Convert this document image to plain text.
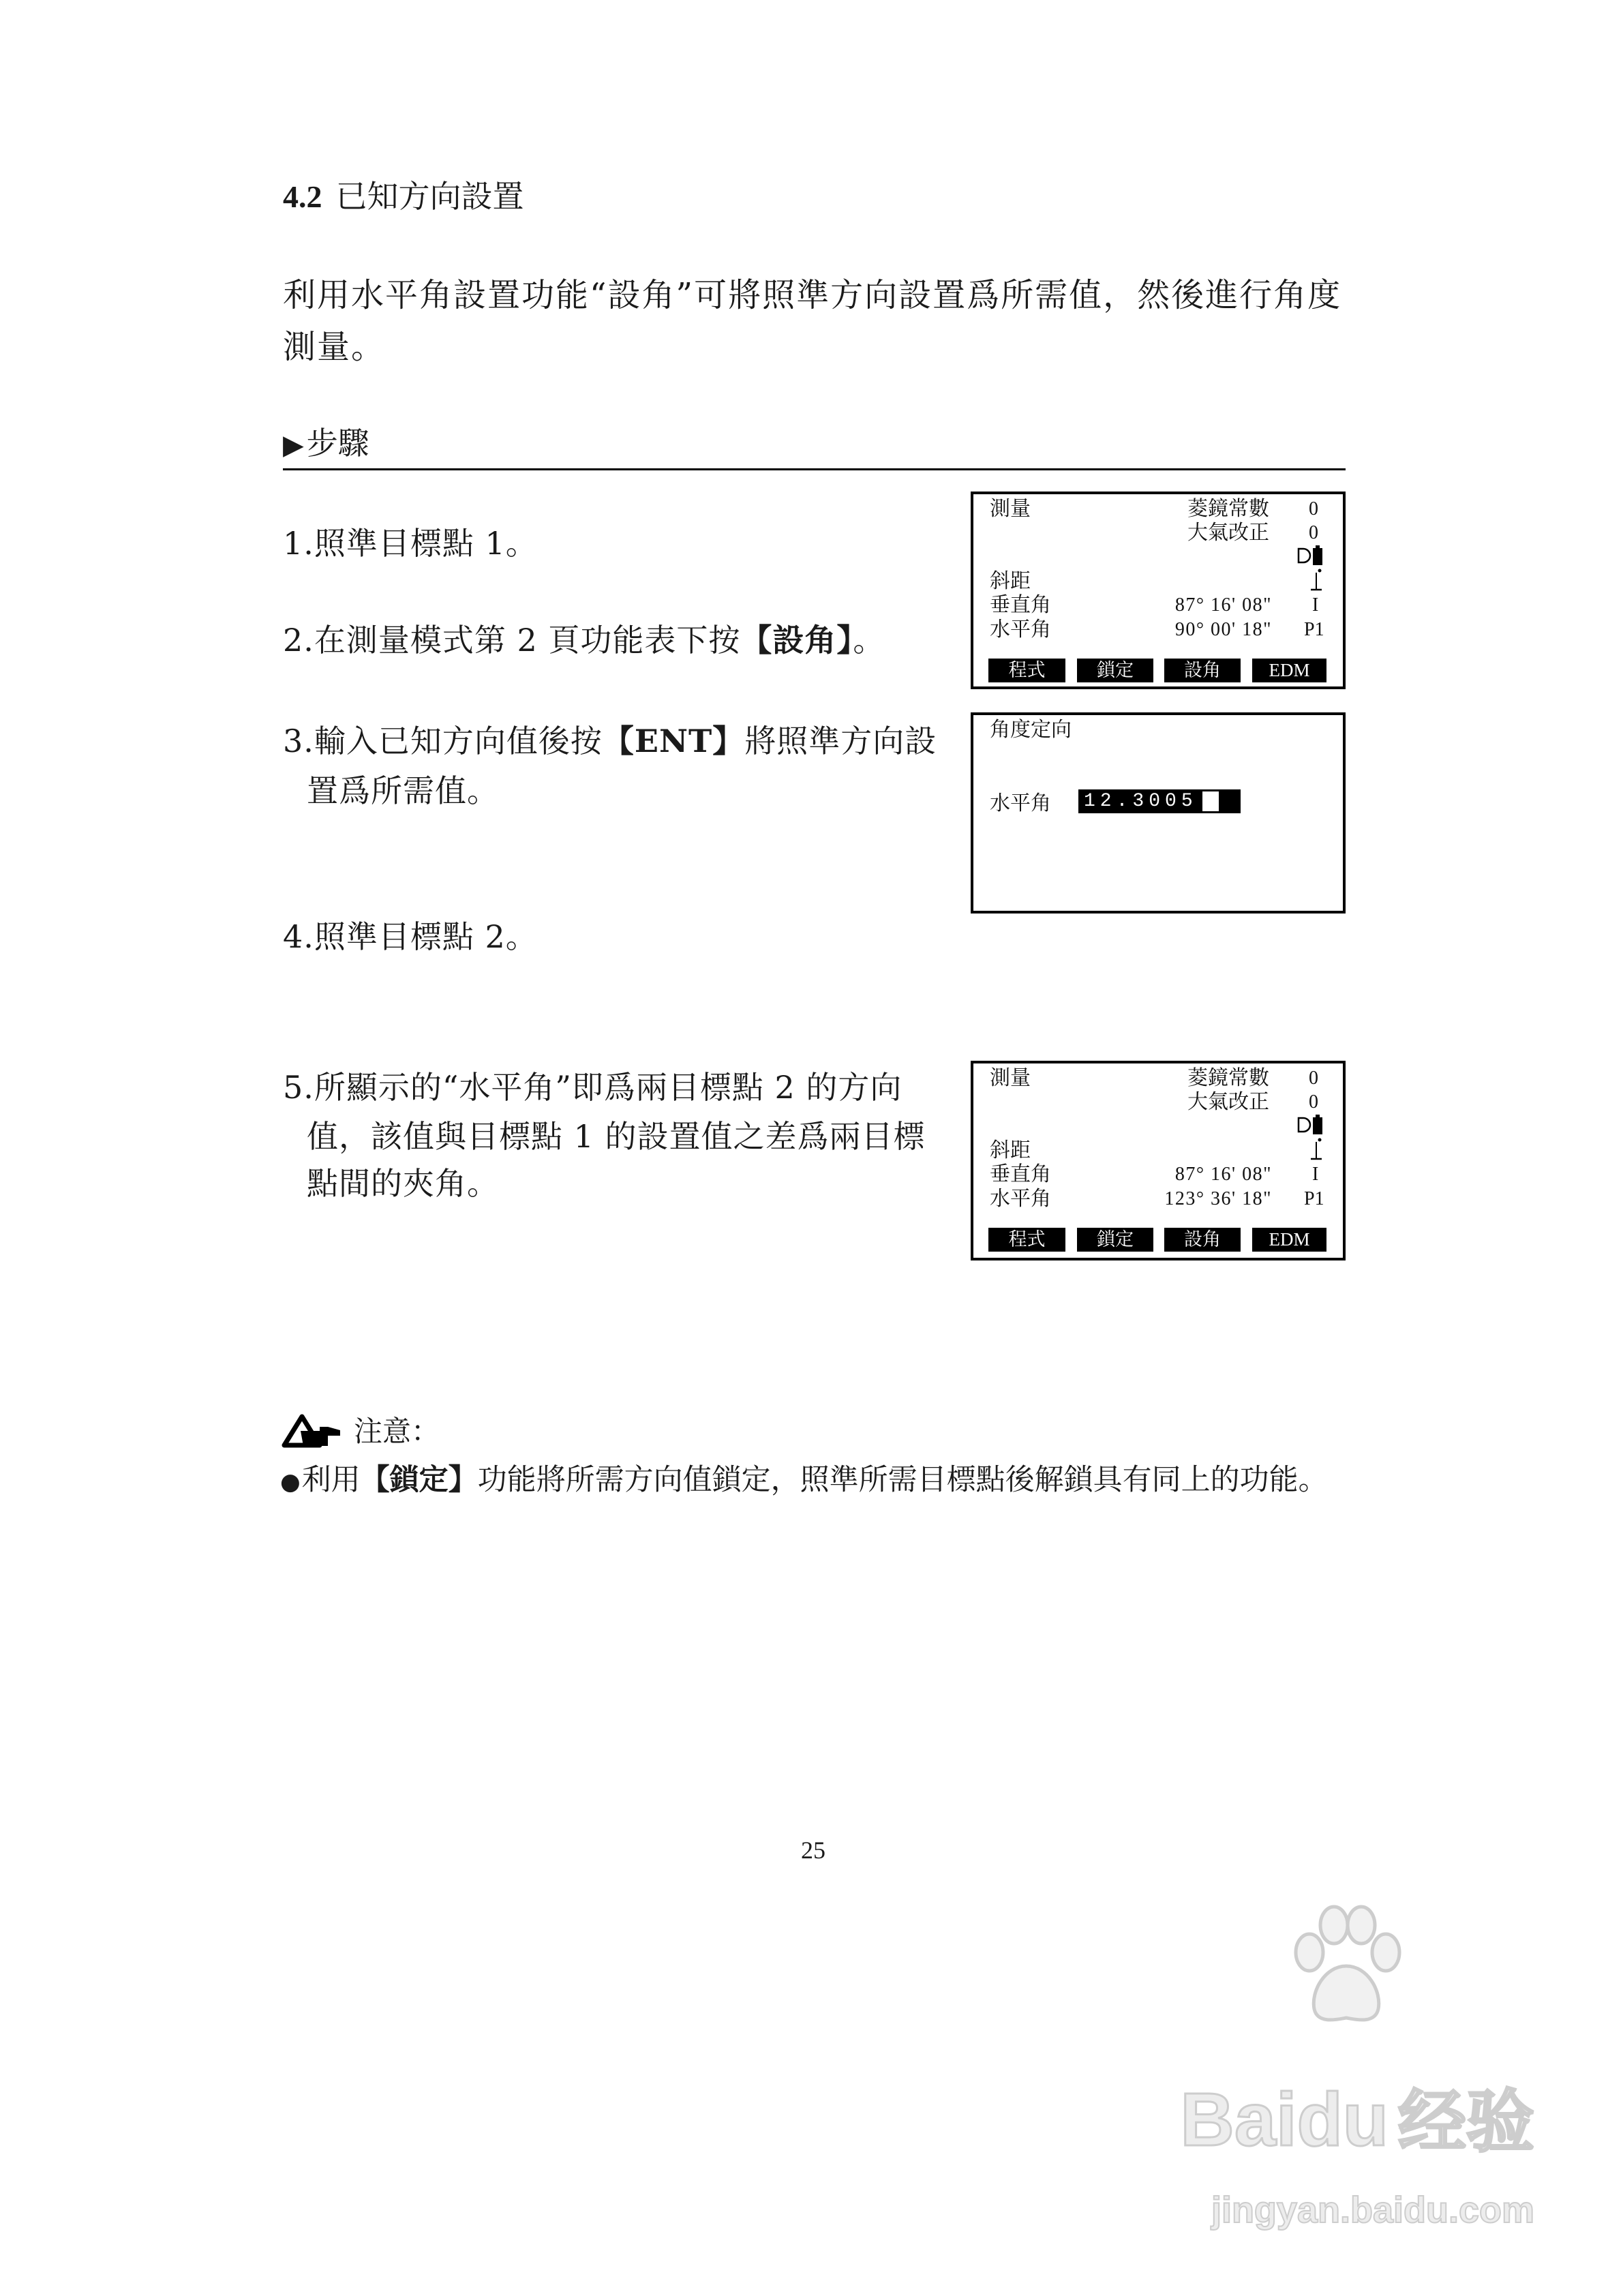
4.2 已知方向設置
利用水平角設置功能“設角”可將照準方向設置爲所需值，然後進行角度
測量。
▶步驟
1.照準目標點 1。
2.在測量模式第 2 頁功能表下按【設角】。
3.輸入已知方向值後按【ENT】將照準方向設
置爲所需值。
4.照準目標點 2。
5.所顯示的“水平角”即爲兩目標點 2 的方向
值，該值與目標點 1 的設置值之差爲兩目標
點間的夾角。
測量	菱鏡常數 0
大氣改正 0
斜距
垂直角	87° 16' 08" I
水平角	90° 00' 18" P1
程式	鎖定	設角	EDM
角度定向
水平角 12.3005
測量	菱鏡常數 0
大氣改正 0
斜距
垂直角	87° 16' 08" I
水平角	123° 36' 18" P1
程式	鎖定	設角	EDM
注意：
●利用【鎖定】功能將所需方向值鎖定，照準所需目標點後解鎖具有同上的功能。
25
Baidu 经验
jingyan.baidu.com
